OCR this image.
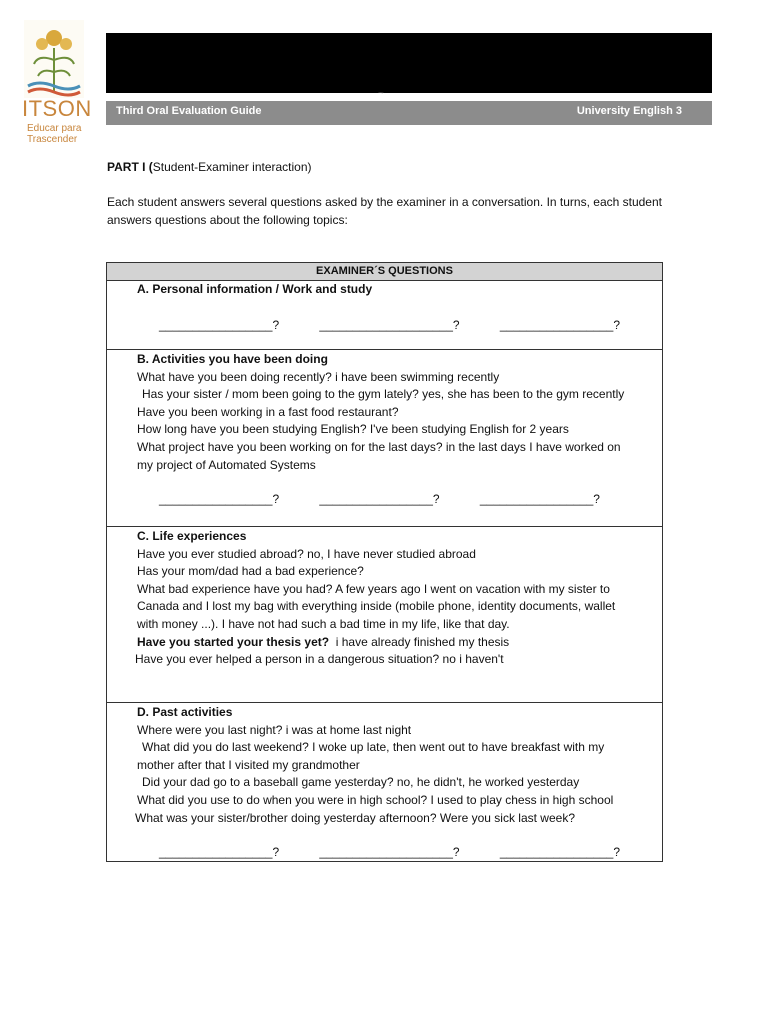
ITSON
Educar para
Trascender
~
Third Oral Evaluation Guide	University English 3
PART I (Student-Examiner interaction)
Each student answers several questions asked by the examiner in a conversation. In turns, each student answers questions about the following topics:
EXAMINER´S QUESTIONS
A. Personal information / Work and study
_________________?	____________________?	_________________?
B. Activities you have been doing
What have you been doing recently? i have been swimming recently
Has your sister / mom been going to the gym lately? yes, she has been to the gym recently
Have you been working in a fast food restaurant?
How long have you been studying English? I've been studying English for 2 years
What project have you been working on for the last days? in the last days I have worked on
my project of Automated Systems
_________________?	_________________?	_________________?
C. Life experiences
Have you ever studied abroad? no, I have never studied abroad
Has your mom/dad had a bad experience?
What bad experience have you had? A few years ago I went on vacation with my sister to
Canada and I lost my bag with everything inside (mobile phone, identity documents, wallet
with money ...). I have not had such a bad time in my life, like that day.
Have you started your thesis yet?  i have already finished my thesis
Have you ever helped a person in a dangerous situation? no i haven't
D. Past activities
Where were you last night? i was at home last night
What did you do last weekend? I woke up late, then went out to have breakfast with my
mother after that I visited my grandmother
Did your dad go to a baseball game yesterday? no, he didn't, he worked yesterday
What did you use to do when you were in high school? I used to play chess in high school
What was your sister/brother doing yesterday afternoon? Were you sick last week?
_________________?	____________________?	_________________?
